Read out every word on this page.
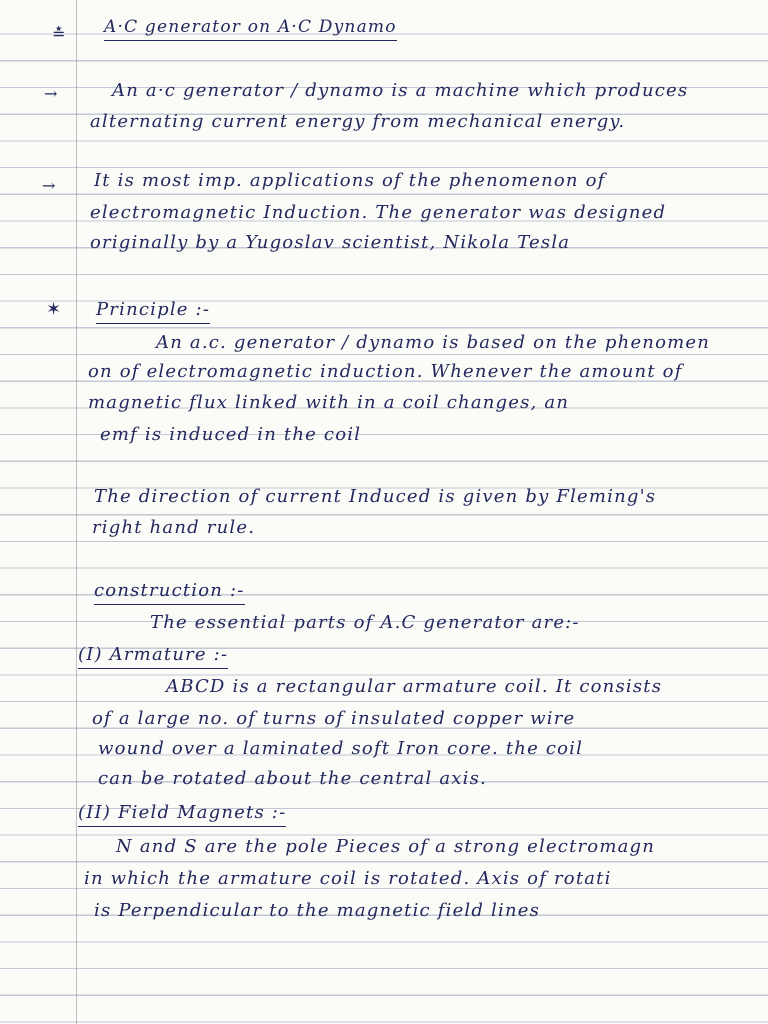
≛
→
→
✶
A·C generator on A·C Dynamo
An a·c generator / dynamo is a machine which produces
alternating current energy from mechanical energy.
It is most imp. applications of the phenomenon of
electromagnetic Induction. The generator was designed
originally by a Yugoslav scientist, Nikola Tesla
Principle :-
An a.c. generator / dynamo is based on the phenomen
on of electromagnetic induction. Whenever the amount of
magnetic flux linked with in a coil changes, an
emf is induced in the coil
The direction of current Induced is given by Fleming's
right hand rule.
construction :-
The essential parts of A.C generator are:-
(I) Armature :-
ABCD is a rectangular armature coil. It consists
of a large no. of turns of insulated copper wire
wound over a laminated soft Iron core. the coil
can be rotated about the central axis.
(II) Field Magnets :-
N and S are the pole Pieces of a strong electromagn
in which the armature coil is rotated. Axis of rotati
is Perpendicular to the magnetic field lines
